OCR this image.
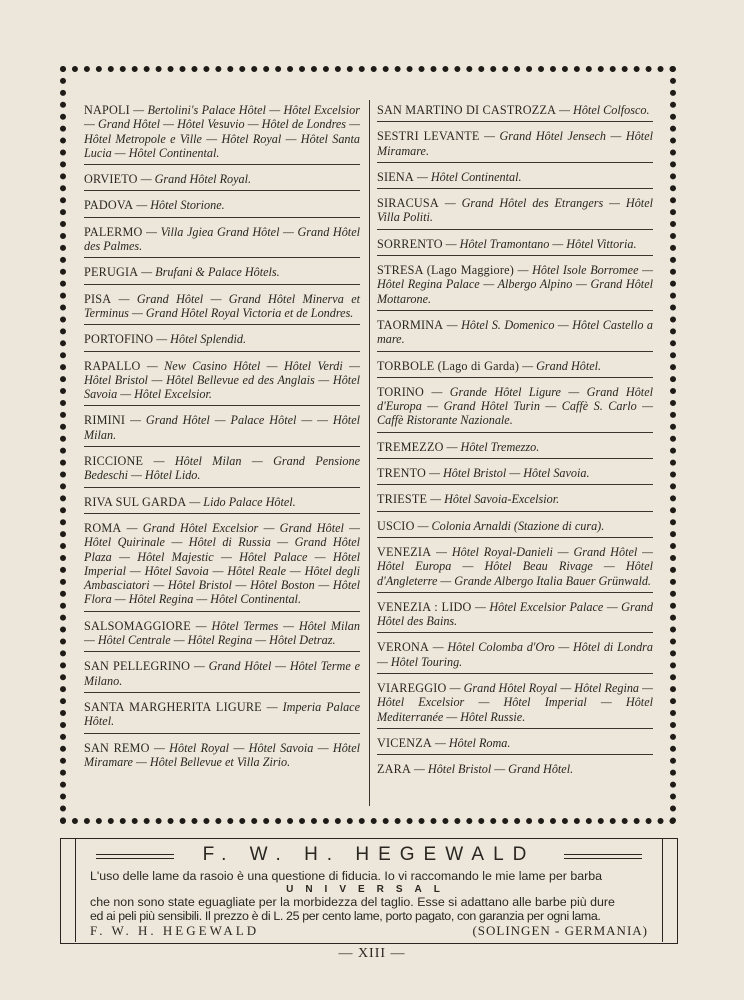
NAPOLI — Bertolini's Palace Hôtel — Hôtel Excelsior — Grand Hôtel — Hôtel Vesuvio — Hôtel de Londres — Hôtel Metropole e Ville — Hôtel Royal — Hôtel Santa Lucia — Hôtel Continental.
ORVIETO — Grand Hôtel Royal.
PADOVA — Hôtel Storione.
PALERMO — Villa Jgiea Grand Hôtel — Grand Hôtel des Palmes.
PERUGIA — Brufani & Palace Hôtels.
PISA — Grand Hôtel — Grand Hôtel Minerva et Terminus — Grand Hôtel Royal Victoria et de Londres.
PORTOFINO — Hôtel Splendid.
RAPALLO — New Casino Hôtel — Hôtel Verdi — Hôtel Bristol — Hôtel Bellevue ed des Anglais — Hôtel Savoia — Hôtel Excelsior.
RIMINI — Grand Hôtel — Palace Hôtel — — Hôtel Milan.
RICCIONE — Hôtel Milan — Grand Pensione Bedeschi — Hôtel Lido.
RIVA SUL GARDA — Lido Palace Hôtel.
ROMA — Grand Hôtel Excelsior — Grand Hôtel — Hôtel Quirinale — Hôtel di Russia — Grand Hôtel Plaza — Hôtel Majestic — Hôtel Palace — Hôtel Imperial — Hôtel Savoia — Hôtel Reale — Hôtel degli Ambasciatori — Hôtel Bristol — Hôtel Boston — Hôtel Flora — Hôtel Regina — Hôtel Continental.
SALSOMAGGIORE — Hôtel Termes — Hôtel Milan — Hôtel Centrale — Hôtel Regina — Hôtel Detraz.
SAN PELLEGRINO — Grand Hôtel — Hôtel Terme e Milano.
SANTA MARGHERITA LIGURE — Imperia Palace Hôtel.
SAN REMO — Hôtel Royal — Hôtel Savoia — Hôtel Miramare — Hôtel Bellevue et Villa Zirio.
SAN MARTINO DI CASTROZZA — Hôtel Colfosco.
SESTRI LEVANTE — Grand Hôtel Jensech — Hôtel Miramare.
SIENA — Hôtel Continental.
SIRACUSA — Grand Hôtel des Etrangers — Hôtel Villa Politi.
SORRENTO — Hôtel Tramontano — Hôtel Vittoria.
STRESA (Lago Maggiore) — Hôtel Isole Borromee — Hôtel Regina Palace — Albergo Alpino — Grand Hôtel Mottarone.
TAORMINA — Hôtel S. Domenico — Hôtel Castello a mare.
TORBOLE (Lago di Garda) — Grand Hôtel.
TORINO — Grande Hôtel Ligure — Grand Hôtel d'Europa — Grand Hôtel Turin — Caffè S. Carlo — Caffè Ristorante Nazionale.
TREMEZZO — Hôtel Tremezzo.
TRENTO — Hôtel Bristol — Hôtel Savoia.
TRIESTE — Hôtel Savoia-Excelsior.
USCIO — Colonia Arnaldi (Stazione di cura).
VENEZIA — Hôtel Royal-Danieli — Grand Hôtel — Hôtel Europa — Hôtel Beau Rivage — Hôtel d'Angleterre — Grande Albergo Italia Bauer Grünwald.
VENEZIA : LIDO — Hôtel Excelsior Palace — Grand Hôtel des Bains.
VERONA — Hôtel Colomba d'Oro — Hôtel di Londra — Hôtel Touring.
VIAREGGIO — Grand Hôtel Royal — Hôtel Regina — Hôtel Excelsior — Hôtel Imperial — Hôtel Mediterranée — Hôtel Russie.
VICENZA — Hôtel Roma.
ZARA — Hôtel Bristol — Grand Hôtel.
F. W. H. HEGEWALD
L'uso delle lame da rasoio è una questione di fiducia. Io vi raccomando le mie lame per barba
UNIVERSAL
che non sono state eguagliate per la morbidezza del taglio. Esse si adattano alle barbe più dure
ed ai peli più sensibili. Il prezzo è di L. 25 per cento lame, porto pagato, con garanzia per ogni lama.
F. W. H. HEGEWALD	(SOLINGEN - GERMANIA)
— XIII —
